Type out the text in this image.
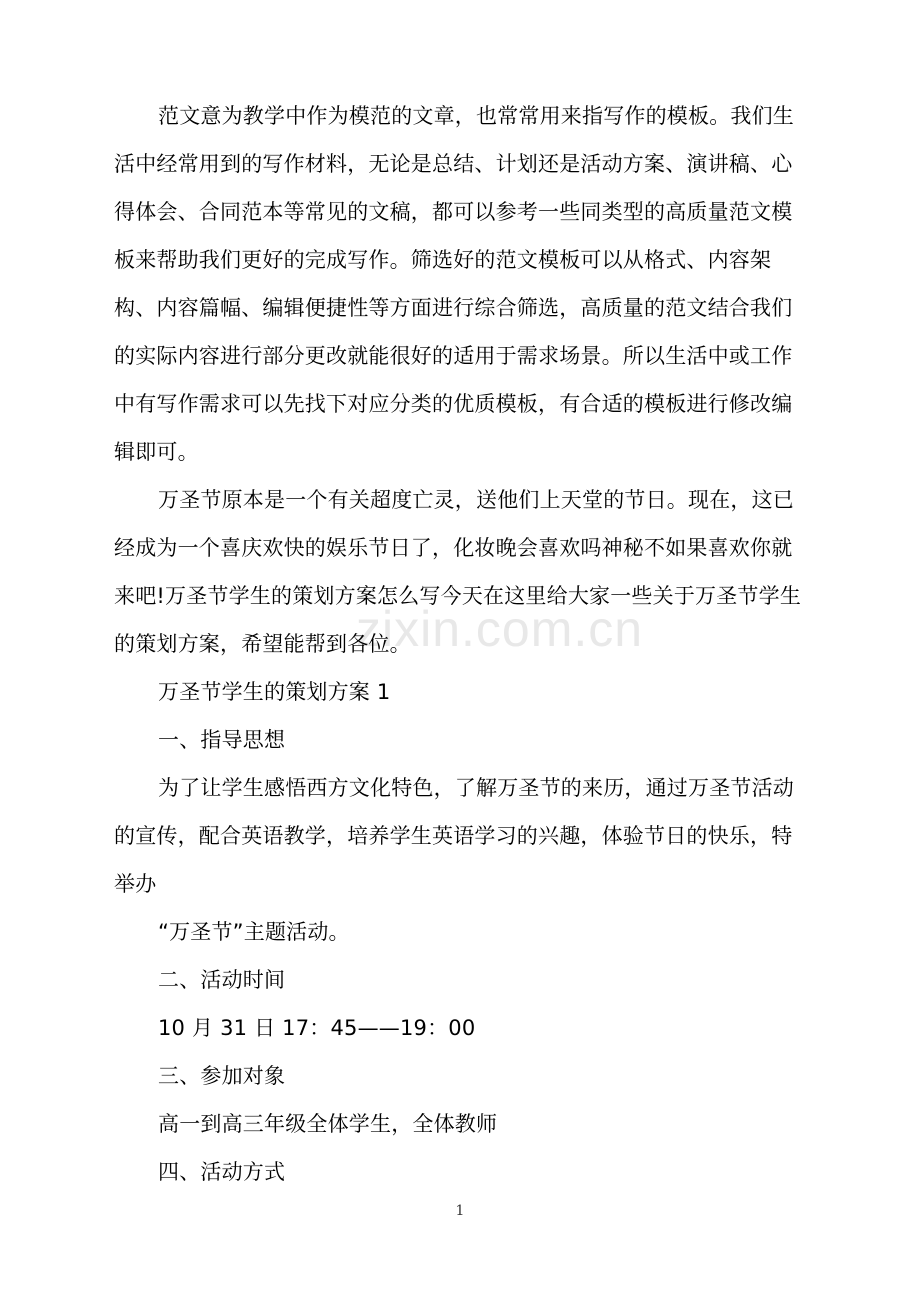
zixin.com.cn

范文意为教学中作为模范的文章，也常常用来指写作的模板。我们生活中经常用到的写作材料，无论是总结、计划还是活动方案、演讲稿、心得体会、合同范本等常见的文稿，都可以参考一些同类型的高质量范文模板来帮助我们更好的完成写作。筛选好的范文模板可以从格式、内容架构、内容篇幅、编辑便捷性等方面进行综合筛选，高质量的范文结合我们的实际内容进行部分更改就能很好的适用于需求场景。所以生活中或工作中有写作需求可以先找下对应分类的优质模板，有合适的模板进行修改编辑即可。

万圣节原本是一个有关超度亡灵，送他们上天堂的节日。现在，这已经成为一个喜庆欢快的娱乐节日了，化妆晚会喜欢吗神秘不如果喜欢你就来吧!万圣节学生的策划方案怎么写今天在这里给大家一些关于万圣节学生的策划方案，希望能帮到各位。

万圣节学生的策划方案 1

一、指导思想

为了让学生感悟西方文化特色，了解万圣节的来历，通过万圣节活动的宣传，配合英语教学，培养学生英语学习的兴趣，体验节日的快乐，特举办

“万圣节”主题活动。

二、活动时间

10 月 31 日 17：45——19：00

三、参加对象

高一到高三年级全体学生，全体教师

四、活动方式

1
